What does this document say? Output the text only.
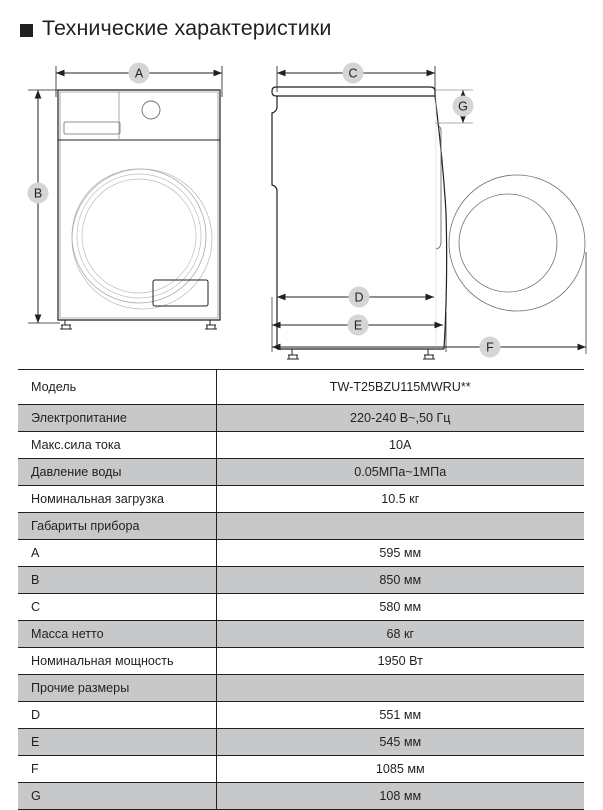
Технические характеристики
A
B
C
G
D
E
F
Модель	TW-T25BZU115MWRU**
Электропитание	220-240 В~,50 Гц
Макс.сила тока	10A
Давление воды	0.05МПа~1МПа
Номинальная загрузка	10.5 кг
Габариты прибора	
A	595 мм
B	850 мм
C	580 мм
Масса нетто	68 кг
Номинальная мощность	1950 Вт
Прочие размеры	
D	551 мм
E	545 мм
F	1085 мм
G	108 мм
